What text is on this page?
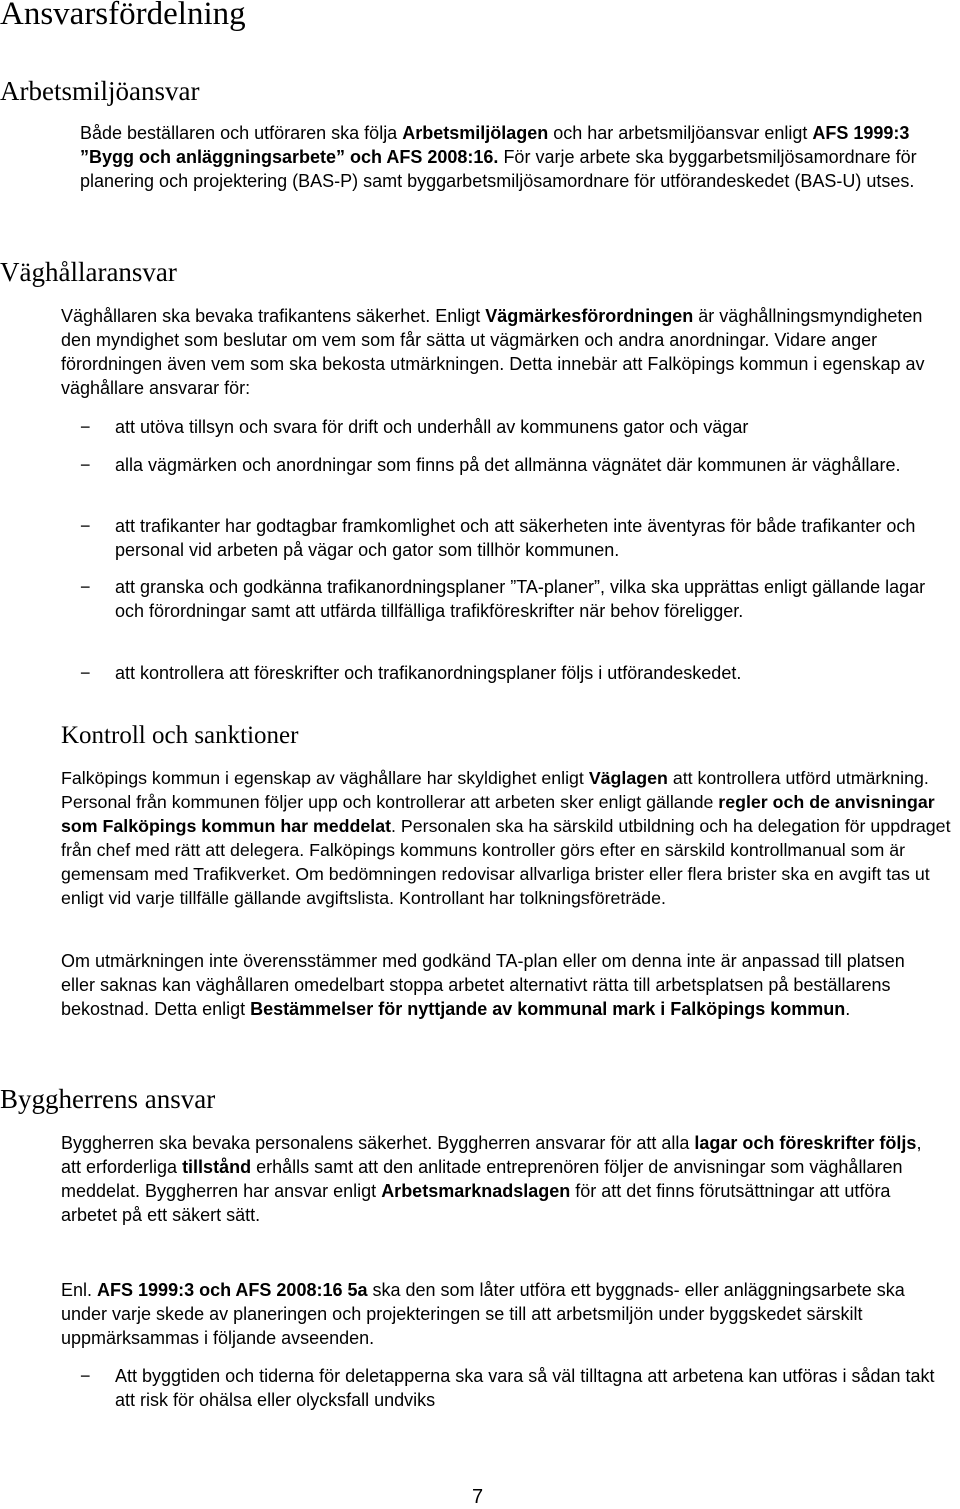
Ansvarsfördelning
Arbetsmiljöansvar

Både beställaren och utföraren ska följa Arbetsmiljölagen och har arbetsmiljöansvar enligt AFS 1999:3 ”Bygg och anläggningsarbete” och AFS 2008:16. För varje arbete ska byggarbetsmiljösamordnare för planering och projektering (BAS-P) samt byggarbetsmiljösamordnare för utförandeskedet (BAS-U) utses.

Väghållaransvar

Väghållaren ska bevaka trafikantens säkerhet. Enligt Vägmärkesförordningen är väghållningsmyndigheten den myndighet som beslutar om vem som får sätta ut vägmärken och andra anordningar. Vidare anger förordningen även vem som ska bekosta utmärkningen. Detta innebär att Falköpings kommun i egenskap av väghållare ansvarar för:

− att utöva tillsyn och svara för drift och underhåll av kommunens gator och vägar
− alla vägmärken och anordningar som finns på det allmänna vägnätet där kommunen är väghållare.
− att trafikanter har godtagbar framkomlighet och att säkerheten inte äventyras för både trafikanter och personal vid arbeten på vägar och gator som tillhör kommunen.
− att granska och godkänna trafikanordningsplaner ”TA-planer”, vilka ska upprättas enligt gällande lagar och förordningar samt att utfärda tillfälliga trafikföreskrifter när behov föreligger.
− att kontrollera att föreskrifter och trafikanordningsplaner följs i utförandeskedet.
Kontroll och sanktioner

Falköpings kommun i egenskap av väghållare har skyldighet enligt Väglagen att kontrollera utförd utmärkning. Personal från kommunen följer upp och kontrollerar att arbeten sker enligt gällande regler och de anvisningar som Falköpings kommun har meddelat. Personalen ska ha särskild utbildning och ha delegation för uppdraget från chef med rätt att delegera. Falköpings kommuns kontroller görs efter en särskild kontrollmanual som är gemensam med Trafikverket. Om bedömningen redovisar allvarliga brister eller flera brister ska en avgift tas ut enligt vid varje tillfälle gällande avgiftslista. Kontrollant har tolkningsföreträde.

Om utmärkningen inte överensstämmer med godkänd TA-plan eller om denna inte är anpassad till platsen eller saknas kan väghållaren omedelbart stoppa arbetet alternativt rätta till arbetsplatsen på beställarens bekostnad. Detta enligt Bestämmelser för nyttjande av kommunal mark i Falköpings kommun.

Byggherrens ansvar

Byggherren ska bevaka personalens säkerhet. Byggherren ansvarar för att alla lagar och föreskrifter följs, att erforderliga tillstånd erhålls samt att den anlitade entreprenören följer de anvisningar som väghållaren meddelat. Byggherren har ansvar enligt Arbetsmarknadslagen för att det finns förutsättningar att utföra arbetet på ett säkert sätt.

Enl. AFS 1999:3 och AFS 2008:16 5a ska den som låter utföra ett byggnads- eller anläggningsarbete ska under varje skede av planeringen och projekteringen se till att arbetsmiljön under byggskedet särskilt uppmärksammas i följande avseenden.

− Att byggtiden och tiderna för deletapperna ska vara så väl tilltagna att arbetena kan utföras i sådan takt att risk för ohälsa eller olycksfall undviks
7
